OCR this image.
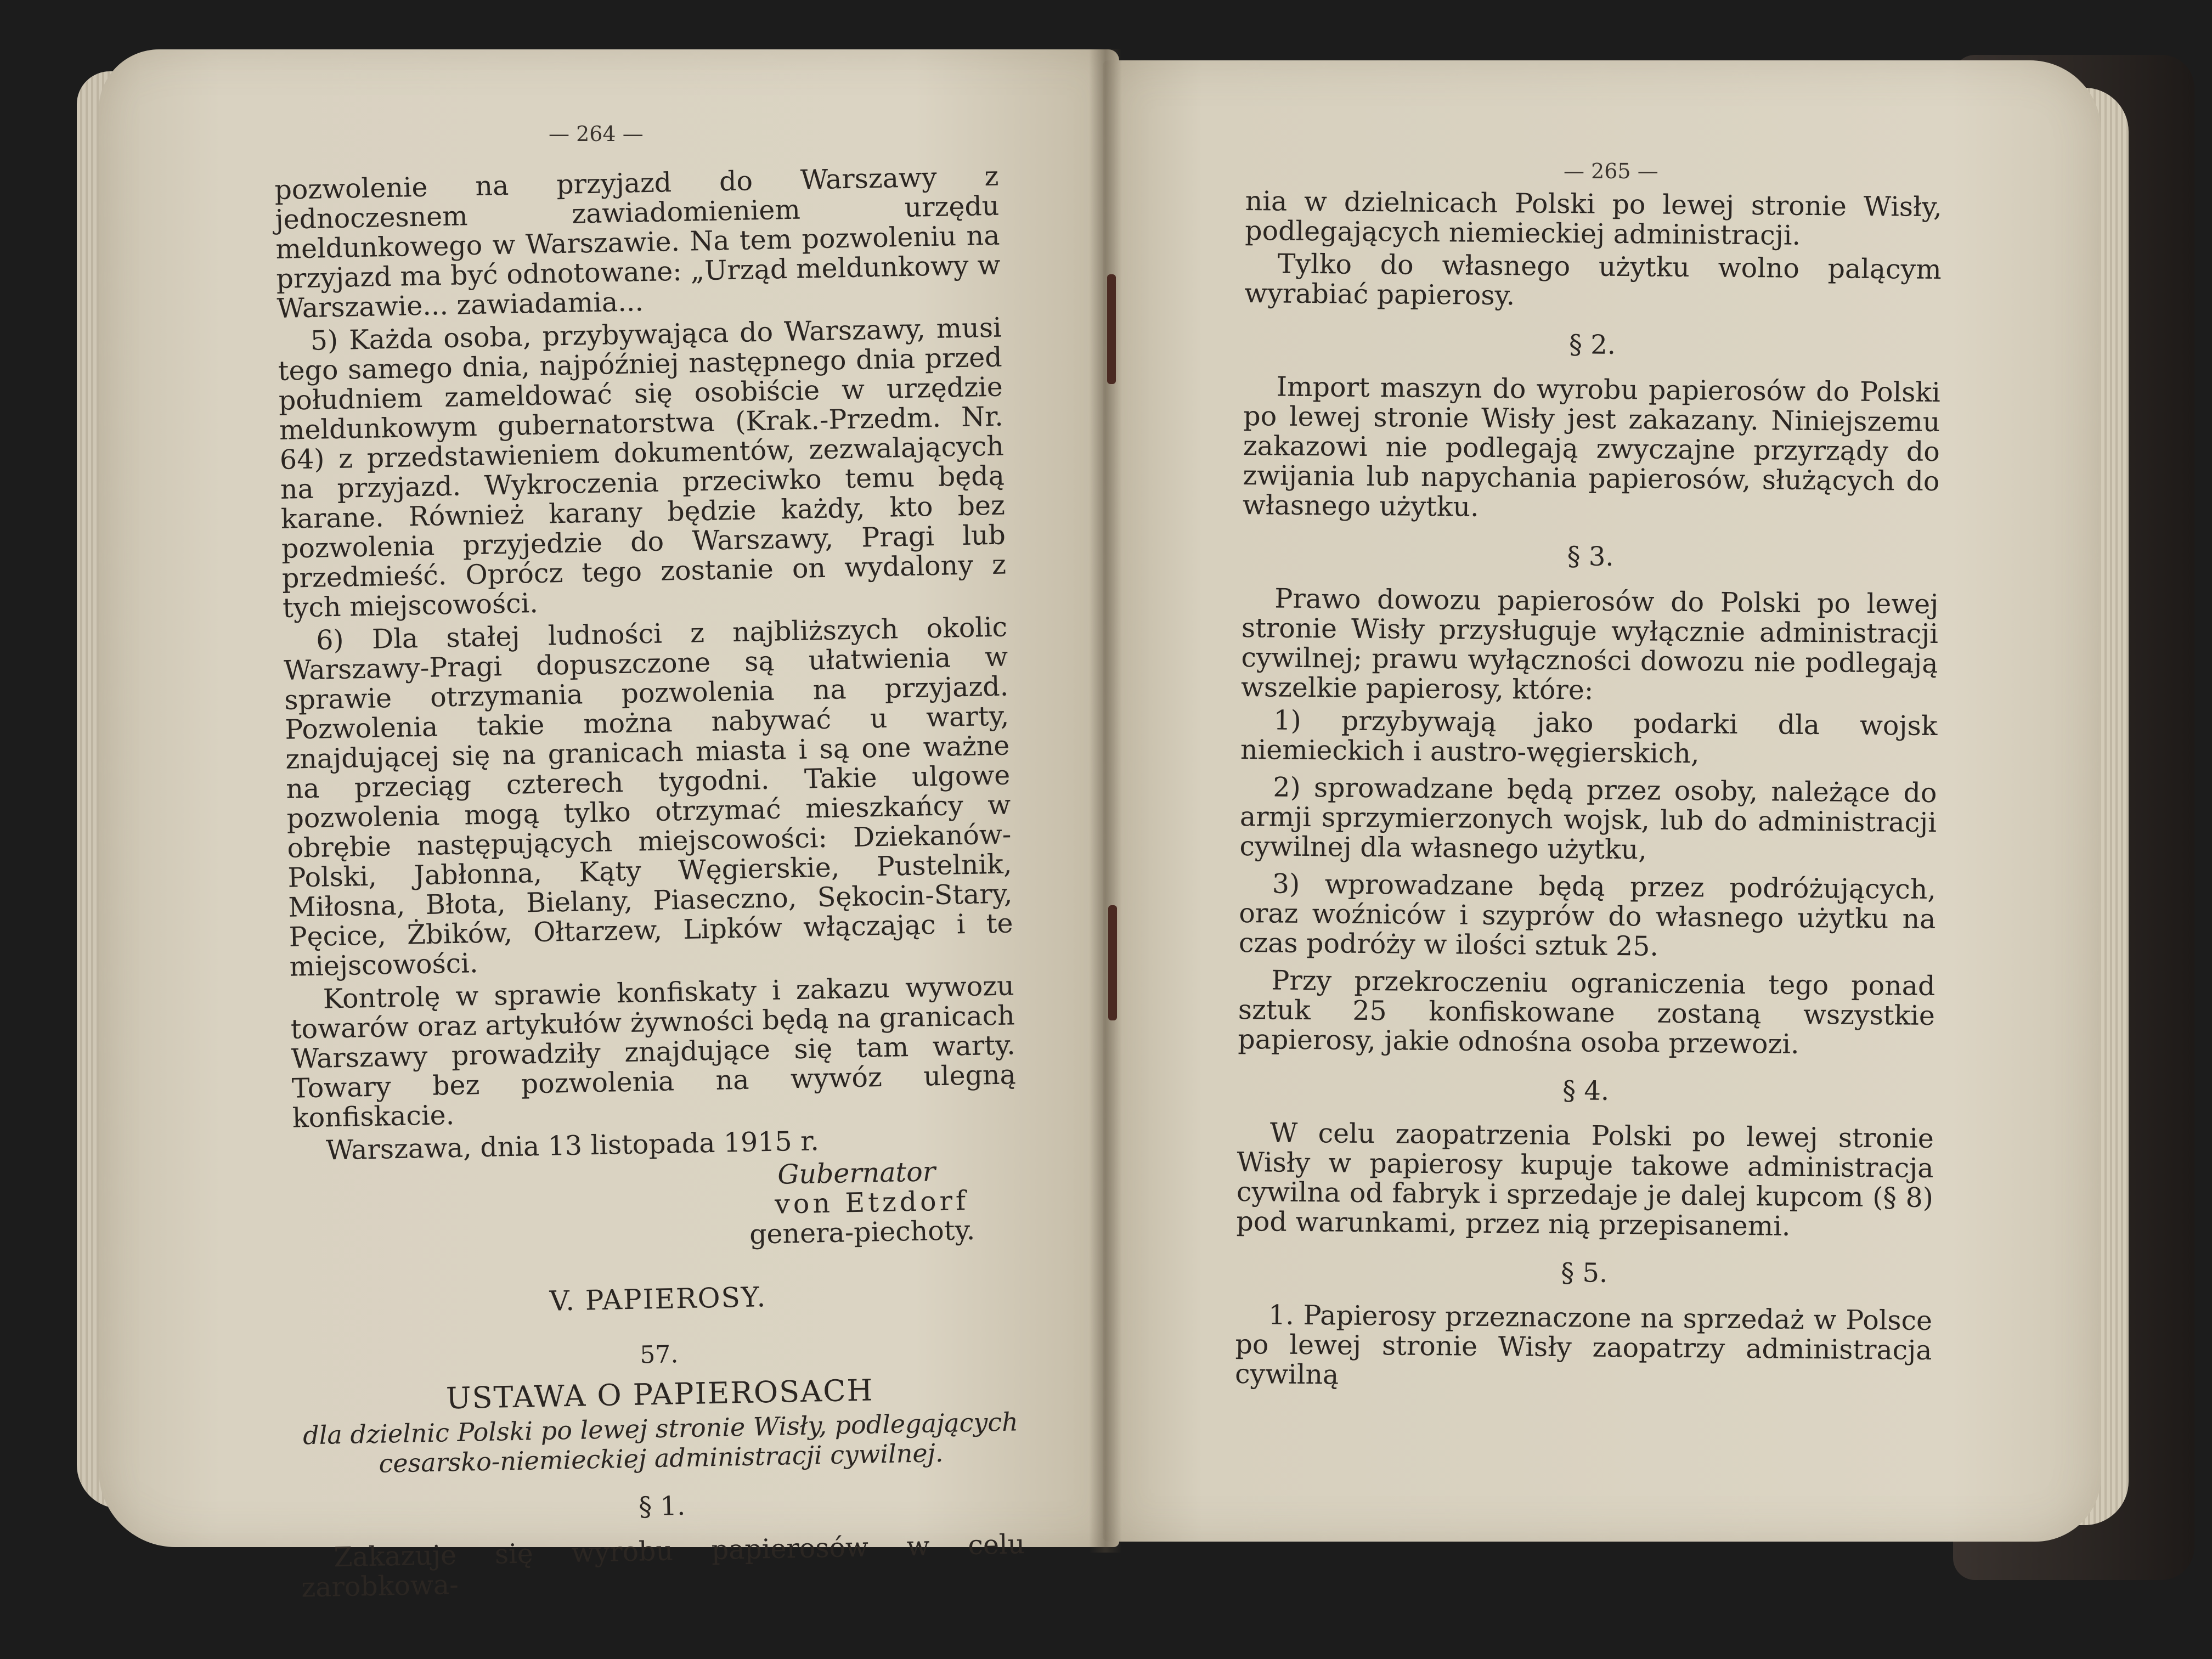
— 264 —
— 265 —

pozwolenie na przyjazd do Warszawy z jednoczesnem zawiadomieniem urzędu meldunkowego w Warszawie. Na tem pozwoleniu na przyjazd ma być odnotowane: „Urząd meldunkowy w Warszawie... zawiadamia...

5) Każda osoba, przybywająca do Warszawy, musi tego samego dnia, najpóźniej następnego dnia przed południem zameldować się osobiście w urzędzie meldunkowym gubernatorstwa (Krak.-Przedm. Nr. 64) z przedstawieniem dokumentów, zezwalających na przyjazd. Wykroczenia przeciwko temu będą karane. Również karany będzie każdy, kto bez pozwolenia przyjedzie do Warszawy, Pragi lub przedmieść. Oprócz tego zostanie on wydalony z tych miejscowości.

6) Dla stałej ludności z najbliższych okolic Warszawy-Pragi dopuszczone są ułatwienia w sprawie otrzymania pozwolenia na przyjazd. Pozwolenia takie można nabywać u warty, znajdującej się na granicach miasta i są one ważne na przeciąg czterech tygodni. Takie ulgowe pozwolenia mogą tylko otrzymać mieszkańcy w obrębie następujących miejscowości: Dziekanów-Polski, Jabłonna, Kąty Węgierskie, Pustelnik, Miłosna, Błota, Bielany, Piaseczno, Sękocin-Stary, Pęcice, Żbików, Ołtarzew, Lipków włączając i te miejscowości.

Kontrolę w sprawie konfiskaty i zakazu wywozu towarów oraz artykułów żywności będą na granicach Warszawy prowadziły znajdujące się tam warty. Towary bez pozwolenia na wywóz ulegną konfiskacie.

Warszawa, dnia 13 listopada 1915 r.

Gubernator

von Etzdorf

genera-piechoty.

V. PAPIEROSY.

57.

USTAWA O PAPIEROSACH

dla dzielnic Polski po lewej stronie Wisły, podlegających cesarsko-niemieckiej administracji cywilnej.

§ 1.

Zakazuje się wyrobu papierosów w celu zarobkowa-

nia w dzielnicach Polski po lewej stronie Wisły, podlegających niemieckiej administracji.

Tylko do własnego użytku wolno palącym wyrabiać papierosy.

§ 2.

Import maszyn do wyrobu papierosów do Polski po lewej stronie Wisły jest zakazany. Niniejszemu zakazowi nie podlegają zwyczajne przyrządy do zwijania lub napychania papierosów, służących do własnego użytku.

§ 3.

Prawo dowozu papierosów do Polski po lewej stronie Wisły przysługuje wyłącznie administracji cywilnej; prawu wyłączności dowozu nie podlegają wszelkie papierosy, które:

1) przybywają jako podarki dla wojsk niemieckich i austro-węgierskich,

2) sprowadzane będą przez osoby, należące do armji sprzymierzonych wojsk, lub do administracji cywilnej dla własnego użytku,

3) wprowadzane będą przez podróżujących, oraz woźniców i szyprów do własnego użytku na czas podróży w ilości sztuk 25.

Przy przekroczeniu ograniczenia tego ponad sztuk 25 konfiskowane zostaną wszystkie papierosy, jakie odnośna osoba przewozi.

§ 4.

W celu zaopatrzenia Polski po lewej stronie Wisły w papierosy kupuje takowe administracja cywilna od fabryk i sprzedaje je dalej kupcom (§ 8) pod warunkami, przez nią przepisanemi.

§ 5.

1. Papierosy przeznaczone na sprzedaż w Polsce po lewej stronie Wisły zaopatrzy administracja cywilną
